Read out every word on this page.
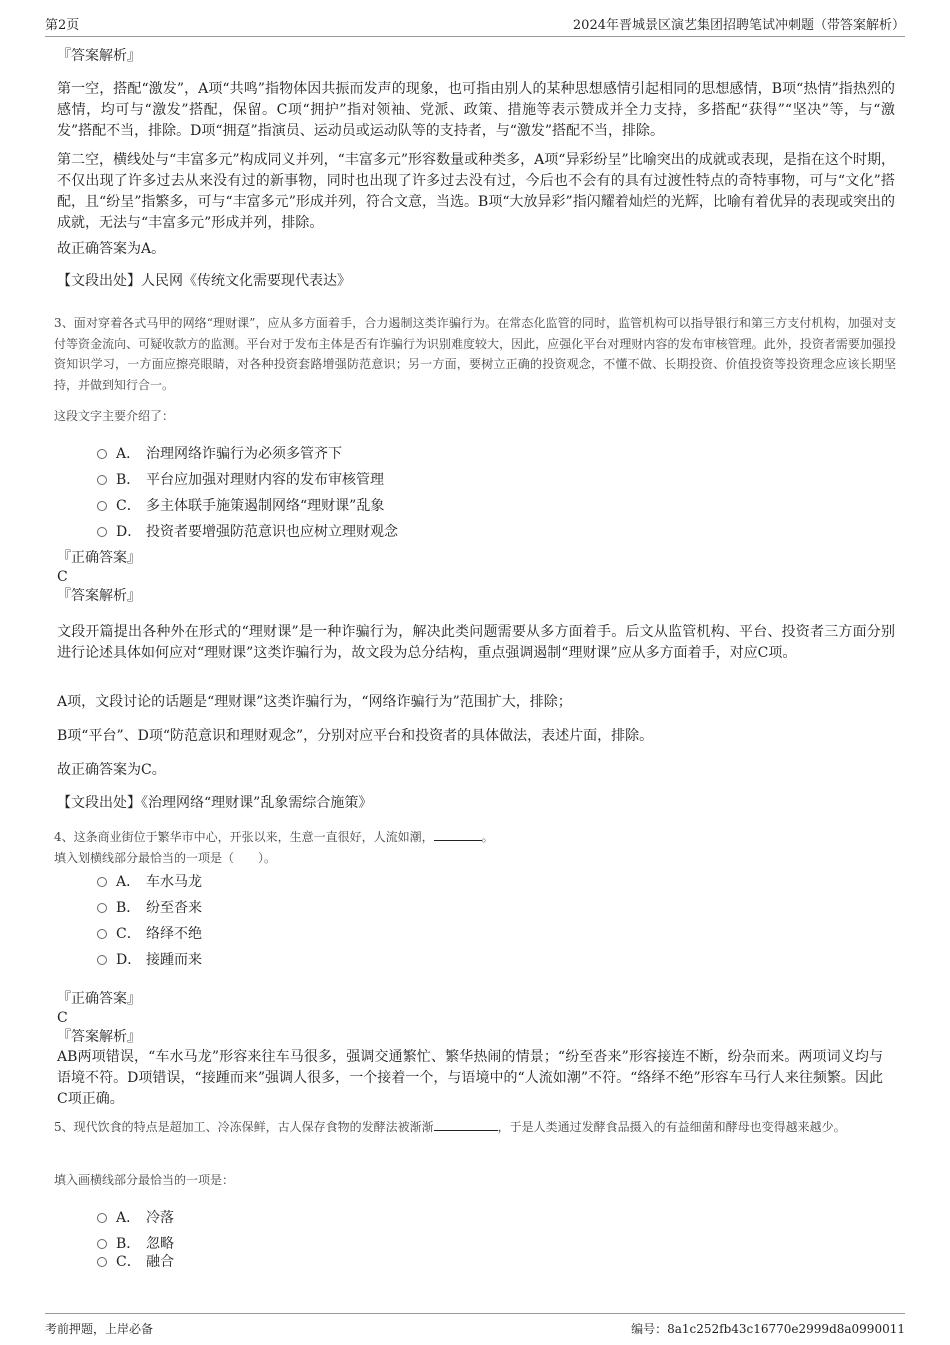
第2页	2024年晋城景区演艺集团招聘笔试冲刺题（带答案解析）

『答案解析』

第一空，搭配“激发”，A项“共鸣”指物体因共振而发声的现象，也可指由别人的某种思想感情引起相同的思想感情，B项“热情”指热烈的感情，均可与“激发”搭配，保留。C项“拥护”指对领袖、党派、政策、措施等表示赞成并全力支持，多搭配“获得”“坚决”等，与“激发”搭配不当，排除。D项“拥趸”指演员、运动员或运动队等的支持者，与“激发”搭配不当，排除。

第二空，横线处与“丰富多元”构成同义并列，“丰富多元”形容数量或种类多，A项“异彩纷呈”比喻突出的成就或表现，是指在这个时期，不仅出现了许多过去从来没有过的新事物，同时也出现了许多过去没有过，今后也不会有的具有过渡性特点的奇特事物，可与“文化”搭配，且“纷呈”指繁多，可与“丰富多元”形成并列，符合文意，当选。B项“大放异彩”指闪耀着灿烂的光辉，比喻有着优异的表现或突出的成就，无法与“丰富多元”形成并列，排除。

故正确答案为A。

【文段出处】人民网《传统文化需要现代表达》

3、面对穿着各式马甲的网络“理财课”，应从多方面着手，合力遏制这类诈骗行为。在常态化监管的同时，监管机构可以指导银行和第三方支付机构，加强对支付等资金流向、可疑收款方的监测。平台对于发布主体是否有诈骗行为识别难度较大，因此，应强化平台对理财内容的发布审核管理。此外，投资者需要加强投资知识学习，一方面应擦亮眼睛，对各种投资套路增强防范意识；另一方面，要树立正确的投资观念，不懂不做、长期投资、价值投资等投资理念应该长期坚持，并做到知行合一。

这段文字主要介绍了：

A． 治理网络诈骗行为必须多管齐下
B． 平台应加强对理财内容的发布审核管理
C． 多主体联手施策遏制网络“理财课”乱象
D． 投资者要增强防范意识也应树立理财观念

『正确答案』

C

『答案解析』

文段开篇提出各种外在形式的“理财课”是一种诈骗行为，解决此类问题需要从多方面着手。后文从监管机构、平台、投资者三方面分别进行论述具体如何应对“理财课”这类诈骗行为，故文段为总分结构，重点强调遏制“理财课”应从多方面着手，对应C项。

A项，文段讨论的话题是“理财课”这类诈骗行为，“网络诈骗行为”范围扩大，排除；

B项“平台”、D项“防范意识和理财观念”，分别对应平台和投资者的具体做法，表述片面，排除。

故正确答案为C。

【文段出处】《治理网络“理财课”乱象需综合施策》

4、这条商业街位于繁华市中心，开张以来，生意一直很好，人流如潮，	。

填入划横线部分最恰当的一项是（　　）。

A． 车水马龙
B． 纷至沓来
C． 络绎不绝
D． 接踵而来

『正确答案』

C

『答案解析』

AB两项错误，“车水马龙”形容来往车马很多，强调交通繁忙、繁华热闹的情景；“纷至沓来”形容接连不断，纷杂而来。两项词义均与语境不符。D项错误，“接踵而来”强调人很多，一个接着一个，与语境中的“人流如潮”不符。“络绎不绝”形容车马行人来往频繁。因此C项正确。

5、现代饮食的特点是超加工、冷冻保鲜，古人保存食物的发酵法被渐渐	，于是人类通过发酵食品摄入的有益细菌和酵母也变得越来越少。

填入画横线部分最恰当的一项是：

A． 冷落
B． 忽略
C． 融合
考前押题，上岸必备	编号：8a1c252fb43c16770e2999d8a0990011
